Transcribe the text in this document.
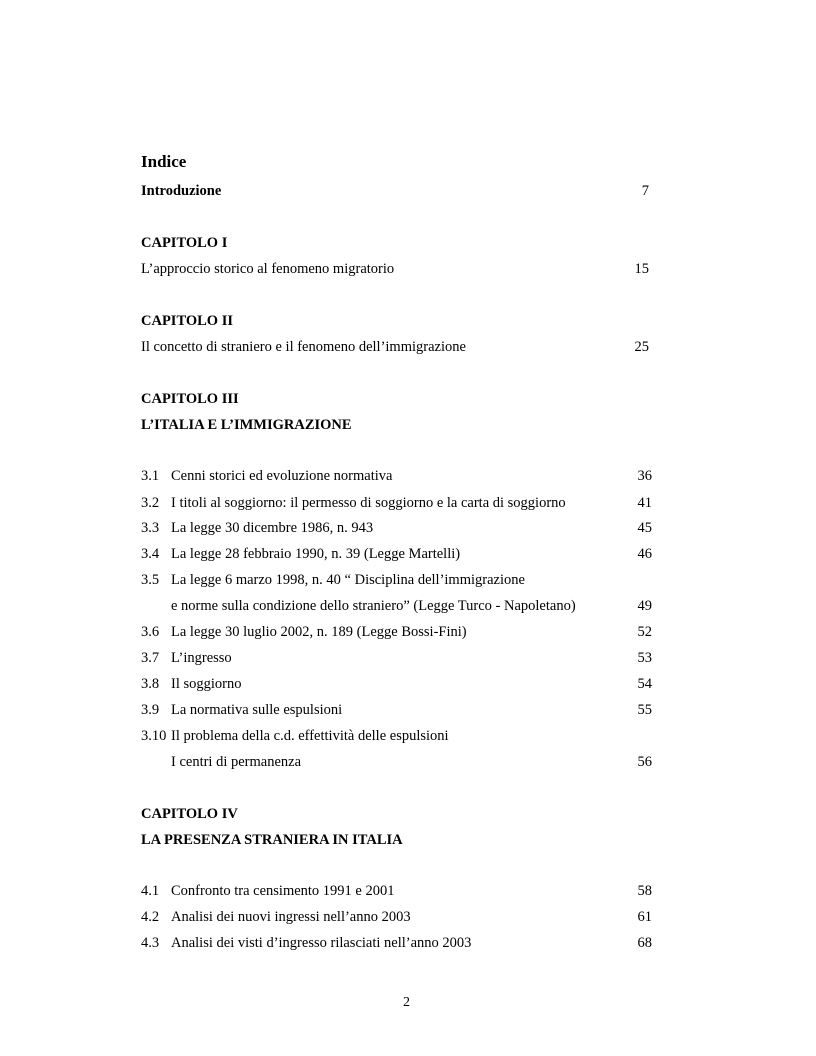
Indice
Introduzione	7
CAPITOLO I
L’approccio storico al fenomeno migratorio	15
CAPITOLO II
Il concetto di straniero e il fenomeno dell’immigrazione	25
CAPITOLO III
L’ITALIA E L’IMMIGRAZIONE
3.1 Cenni storici ed evoluzione normativa	36
3.2 I titoli al soggiorno: il permesso di soggiorno e la carta di soggiorno	41
3.3 La legge 30 dicembre 1986, n. 943	45
3.4 La legge 28 febbraio 1990, n. 39 (Legge Martelli)	46
3.5 La legge 6 marzo 1998, n. 40 “ Disciplina dell’immigrazione
e norme sulla condizione dello straniero” (Legge Turco - Napoletano)	49
3.6 La legge 30 luglio 2002, n. 189 (Legge Bossi-Fini)	52
3.7 L’ingresso	53
3.8 Il soggiorno	54
3.9 La normativa sulle espulsioni	55
3.10 Il problema della c.d. effettività delle espulsioni
I centri di permanenza	56
CAPITOLO IV
LA PRESENZA STRANIERA IN ITALIA
4.1 Confronto tra censimento 1991 e 2001	58
4.2 Analisi dei nuovi ingressi nell’anno 2003	61
4.3 Analisi dei visti d’ingresso rilasciati nell’anno 2003	68
2
